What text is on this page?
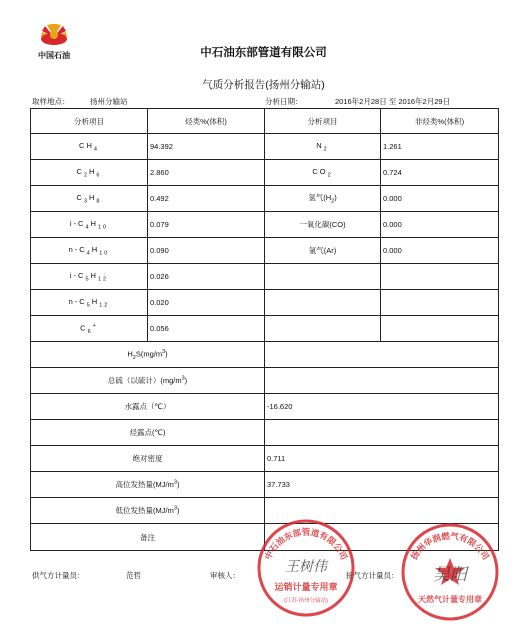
中国石油	中石油东部管道有限公司
气质分析报告(扬州分输站)
取样地点：	扬州分输站	分析日期：	2016年2月28日 至 2016年2月29日
分析项目	烃类%(体积)	分析项目	非烃类%(体积)
$CH_4$	94.392	$N_2$	1.261
$C_2H_6$	2.860	$CO_2$	0.724
$C_3H_8$	0.492	氢气$(H_2)$	0.000
$i-C_4H_{10}$	0.079	一氧化碳(CO)	0.000
$n-C_4H_{10}$	0.090	氩气(Ar)	0.000
$i-C_5H_{12}$	0.026		
$n-C_5H_{12}$	0.020		
$C_6^+$	0.056		
$H_2S(mg/m^3)$			
总硫（以硫计）$(mg/m^3)$			
水露点（℃）		-16.620	
烃露点(℃)			
绝对密度		0.711	
高位发热量$(MJ/m^3)$		37.733	
低位发热量$(MJ/m^3)$			
备注			
供气方计量员：	范哲	审核人：	接气方计量员：
中石油东部管道有限公司
王树伟
运销计量专用章
(江苏·扬州分输站)
扬州华润燃气有限公司
吴阳
天然气计量专用章
